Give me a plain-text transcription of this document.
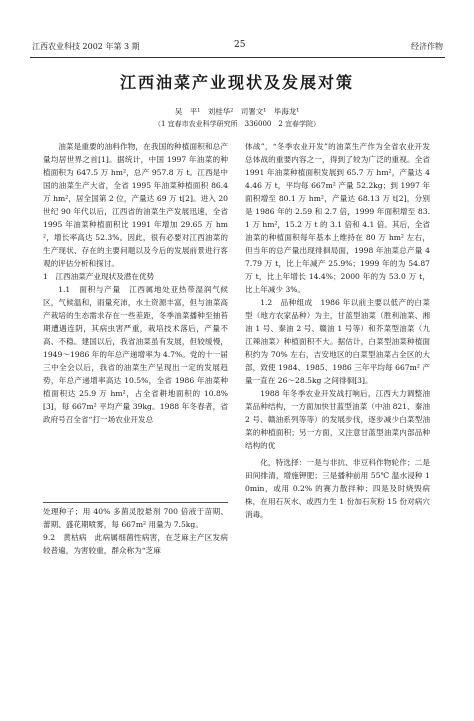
江西农业科技 2002 年第 3 期	25	经济作物
江西油菜产业现状及发展对策
吴　平¹　刘桂华²　司署文¹　毕海龙¹
（1 宜春市农业科学研究所　336000　2 宜春学院）

油菜是重要的油料作物，在我国的种植面积和总产量均居世界之首[1]。据统计，中国 1997 年油菜的种植面积为 647.5 万 hm²，总产 957.8 万 t。江西是中国的油菜生产大省，全省 1995 年油菜种植面积 86.4 万 hm²，居全国第 2 位，产量达 69 万 t[2]。进入 20 世纪 90 年代以后，江西省的油菜生产发展迅速，全省 1995 年油菜种植面积比 1991 年增加 29.65 万 hm²，增长率高达 52.3%。因此，很有必要对江西油菜的生产现状、存在的主要问题以及今后的发展前景进行客观的评估分析和探讨。

1　江西油菜产业现状及潜在优势

1.1　面积与产量　江西属地处亚热带湿润气候区，气候温和，雨量充沛，水土资源丰富，但与油菜高产栽培的生态需求存在一些差距，冬季油菜播种至抽苔期遭遇连阴，其病虫害严重，栽培技术落后，产量不高、不稳。建国以后，我省油菜虽有发展，但较缓慢，1949～1986 年的年总产递增率为 4.7%。党的十一届三中全会以后，我省的油菜生产呈现出一定的发展趋势，年总产递增率高达 10.5%，全省 1986 年油菜种植面积达 25.9 万 hm²，占全省耕地面积的 10.8%[3]，每 667m² 平均产量 39kg。1988 年冬春者，省政府号召全省“打一场农业开发总

处理种子；用 40% 多菌灵胶悬剂 700 倍液于苗期、蕾期、盛花期喷雾，每 667m² 用量为 7.5kg。

9.2　黄枯病　此病属细菌性病害，在芝麻主产区发病较普遍，为害较重，群众称为“芝麻

体战”，“冬季农业开发”的油菜生产作为全省农业开发总体战的重要内容之一，得到了较为广泛的重视。全省 1991 年油菜种植面积发展到 65.7 万 hm²，产量达 44.46 万 t，平均每 667m² 产量 52.2kg；到 1997 年面积增至 80.1 万 hm²，产量达 68.13 万 t[2]，分别是 1986 年的 2.59 和 2.7 倍，1999 年面积增至 83.1 万 hm²，15.2 万 t 的 3.1 倍和 4.1 倍。其后，全省油菜的种植面积每年基本上维持在 80 万 hm² 左右，但当年的总产量出现徘徊局面，1998 年油菜总产量 47.79 万 t，比上年减产 25.9%；1999 年的为 54.87 万 t，比上年增长 14.4%；2000 年的为 53.0 万 t，比上年减少 3%。

1.2　品种组成　1986 年以前主要以低产的白菜型（地方农家品种）为主，甘蓝型油菜（胜利油菜、湘油 1 号、秦油 2 号、赣油 1 号等）和芥菜型油菜（九江辣油菜）种植面积不大。据估计，白菜型油菜种植面积约为 70% 左右，吉安地区的白菜型油菜占全区的大部，致使 1984、1985、1986 三年平均每 667m² 产量一直在 26～28.5kg 之间徘徊[3]。

1988 年冬季农业开发战打响后，江西大力调整油菜品种结构，一方面加快甘蓝型油菜（中油 821、秦油 2 号、赣油系列等等）的发展步伐，逐步减少白菜型油菜的种植面积；另一方面，又注意甘蓝型油菜内部品种结构的优

化，特选择：一是与非抗、非豆科作物轮作；二是田间排清，增施钾肥；三是播种前用 55℃ 温水浸种 10min，或用 0.2% 的赛力散拌种；四是及时烧毁病株，在用石灰水、或西力生 1 份加石灰粉 15 份对病穴消毒。
